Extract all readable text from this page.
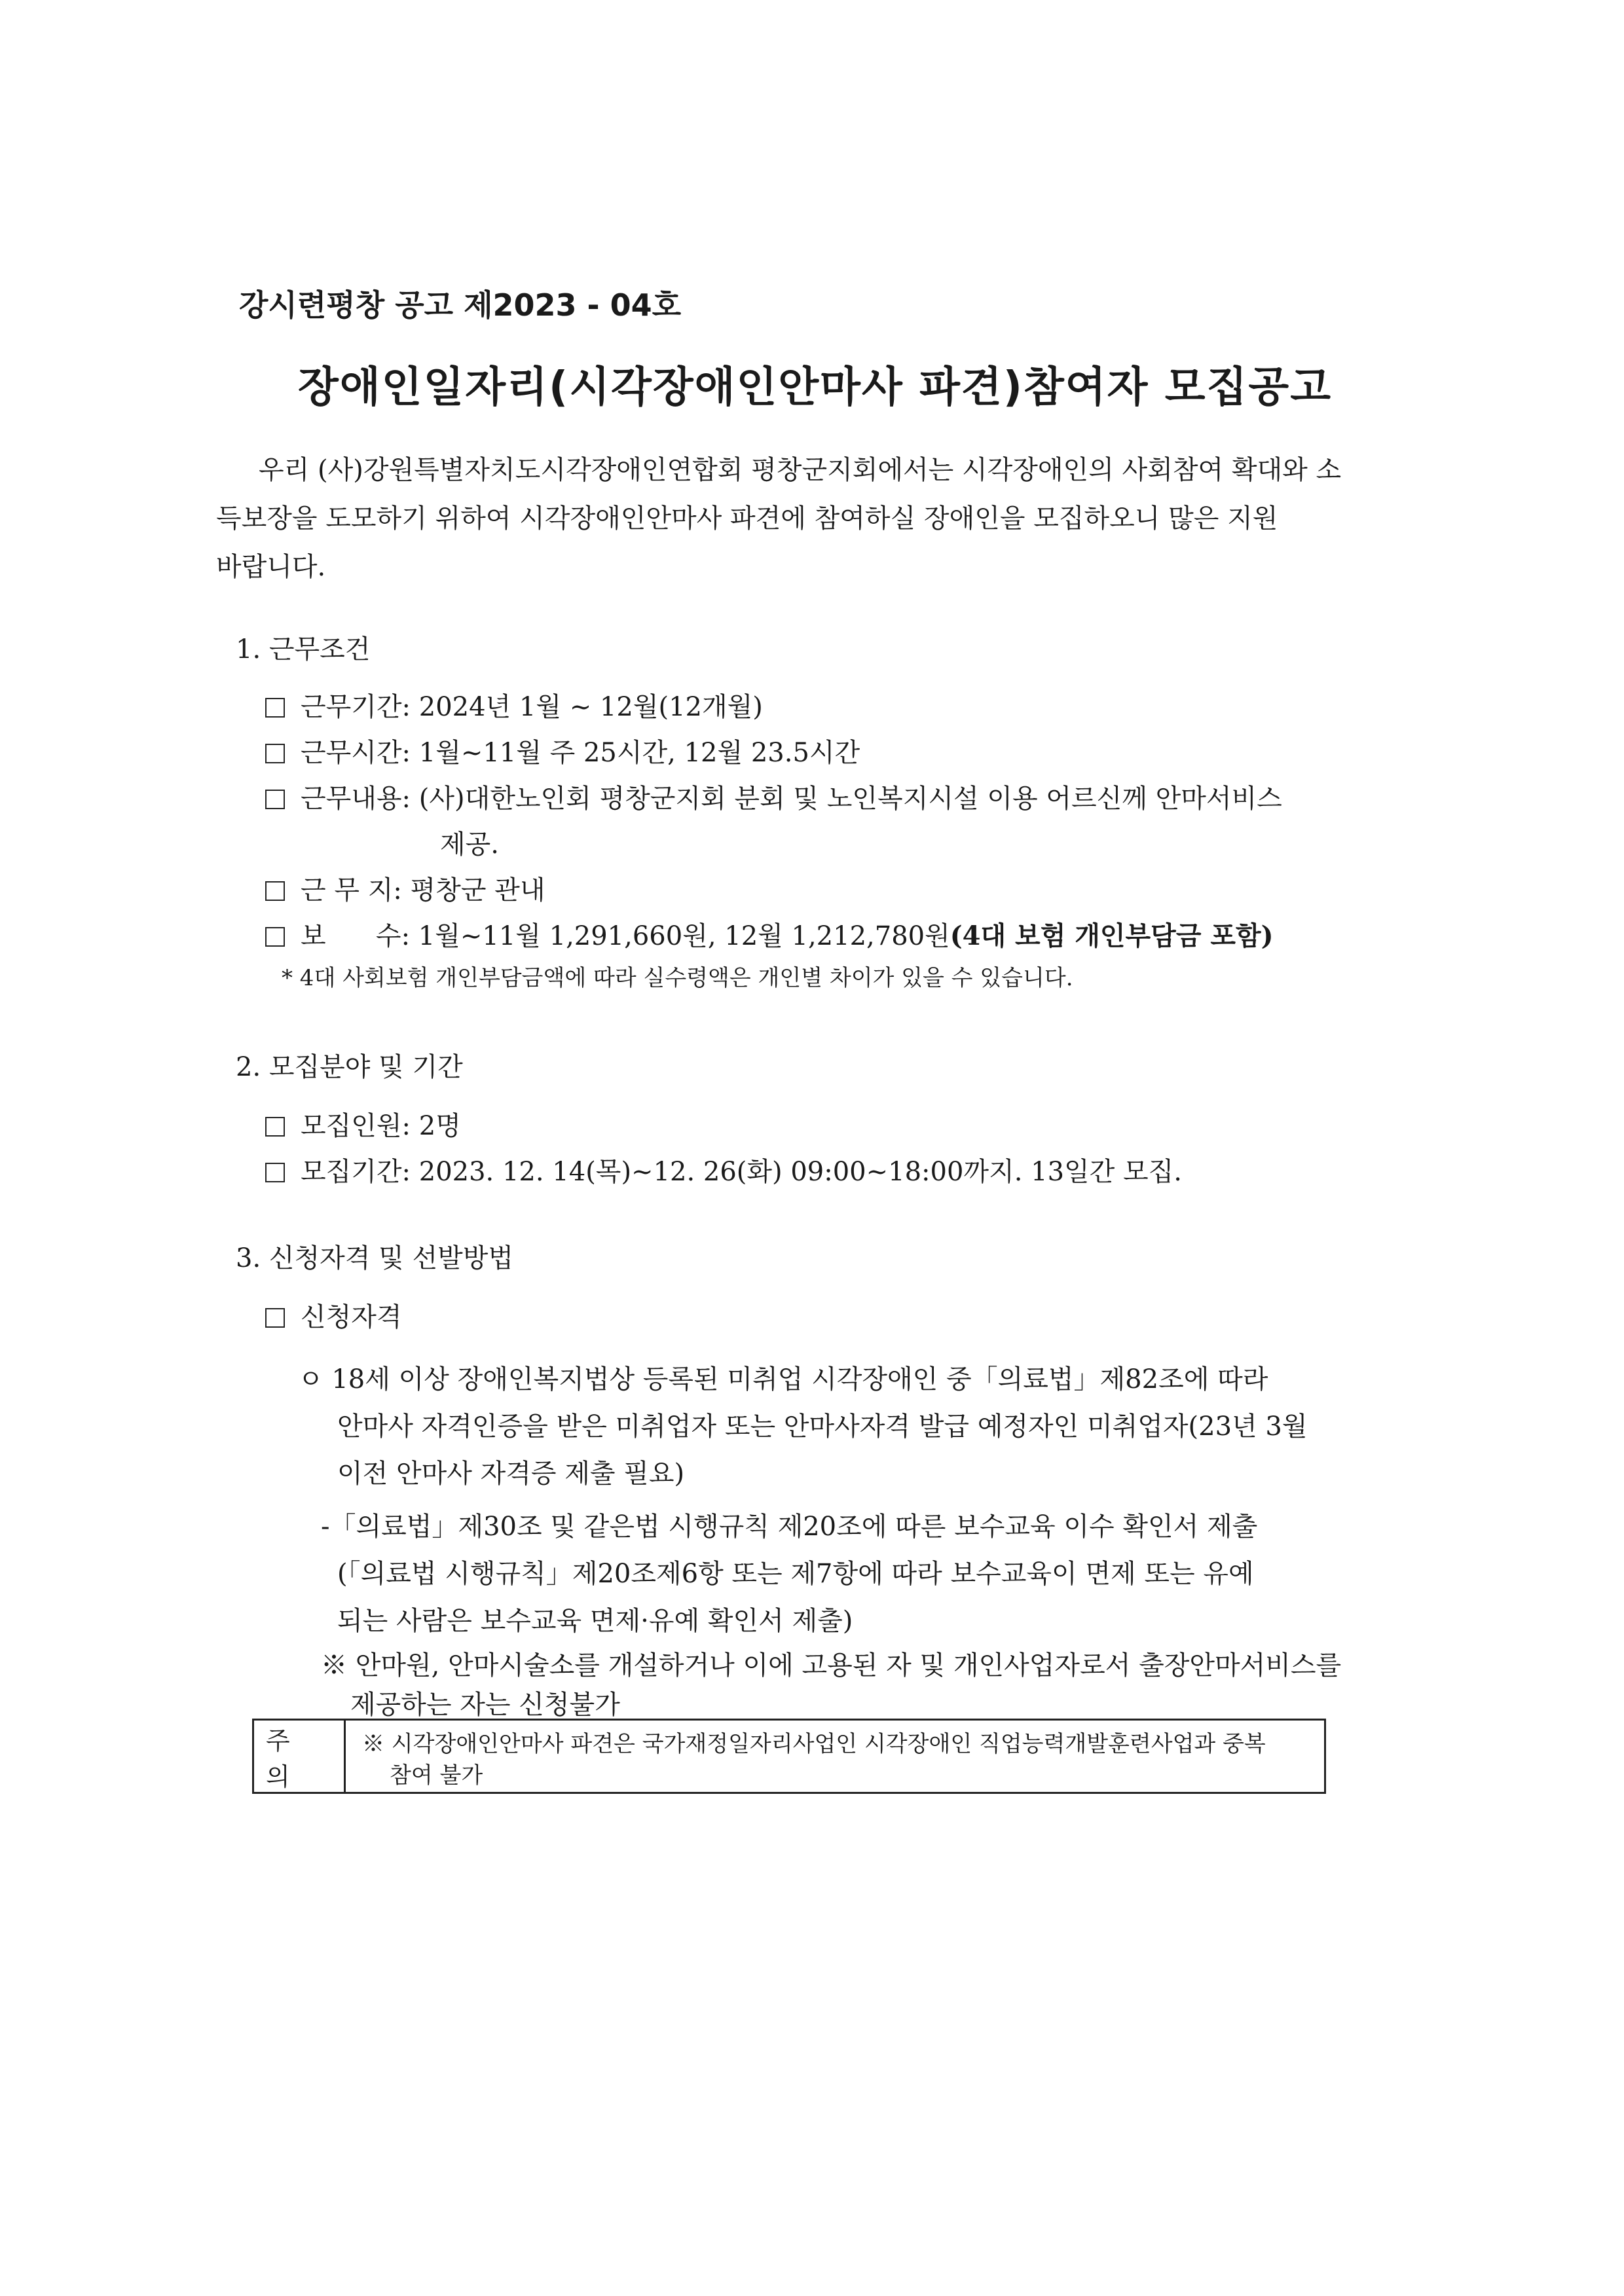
강시련평창 공고 제2023 - 04호
장애인일자리(시각장애인안마사 파견)참여자 모집공고
우리 (사)강원특별자치도시각장애인연합회 평창군지회에서는 시각장애인의 사회참여 확대와 소
득보장을 도모하기 위하여 시각장애인안마사 파견에 참여하실 장애인을 모집하오니 많은 지원
바랍니다.
1. 근무조건
근무기간: 2024년 1월 ~ 12월(12개월)
근무시간: 1월~11월 주 25시간, 12월 23.5시간
근무내용: (사)대한노인회 평창군지회 분회 및 노인복지시설 이용 어르신께 안마서비스
제공.
근 무 지: 평창군 관내
보      수: 1월~11월 1,291,660원, 12월 1,212,780원(4대 보험 개인부담금 포함)
* 4대 사회보험 개인부담금액에 따라 실수령액은 개인별 차이가 있을 수 있습니다.
2. 모집분야 및 기간
모집인원: 2명
모집기간: 2023. 12. 14(목)~12. 26(화) 09:00~18:00까지. 13일간 모집.
3. 신청자격 및 선발방법
신청자격
ㅇ 18세 이상 장애인복지법상 등록된 미취업 시각장애인 중「의료법」제82조에 따라
안마사 자격인증을 받은 미취업자 또는 안마사자격 발급 예정자인 미취업자(23년 3월
이전 안마사 자격증 제출 필요)
-「의료법」제30조 및 같은법 시행규칙 제20조에 따른 보수교육 이수 확인서 제출
(「의료법 시행규칙」제20조제6항 또는 제7항에 따라 보수교육이 면제 또는 유예
되는 사람은 보수교육 면제·유예 확인서 제출)
※ 안마원, 안마시술소를 개설하거나 이에 고용된 자 및 개인사업자로서 출장안마서비스를
제공하는 자는 신청불가
주 의
※ 시각장애인안마사 파견은 국가재정일자리사업인 시각장애인 직업능력개발훈련사업과 중복
참여 불가
